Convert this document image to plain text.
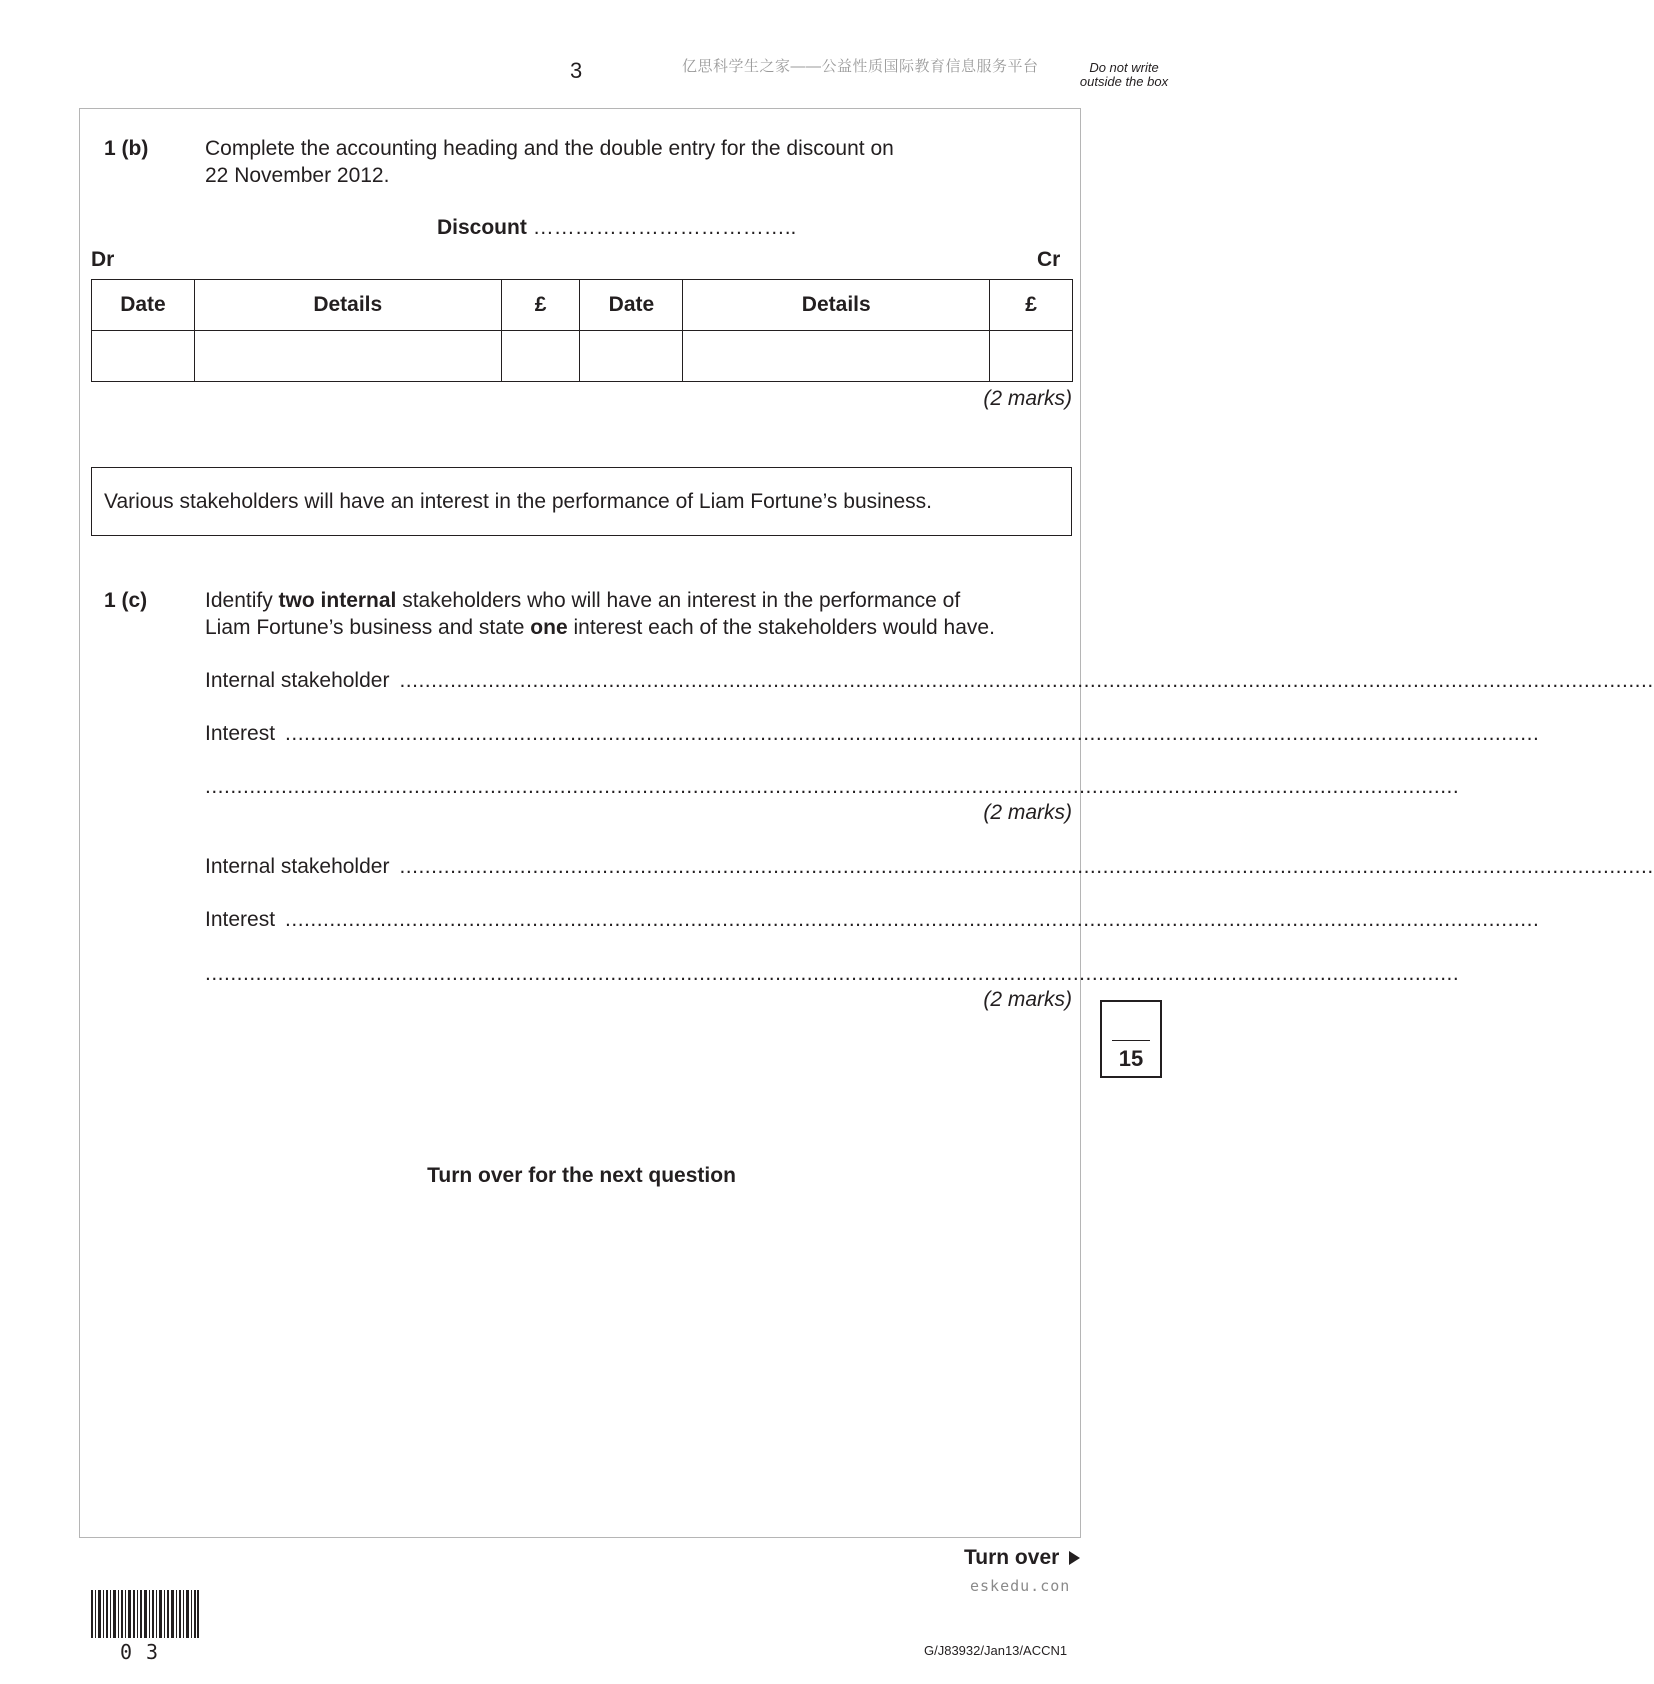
3	亿思科学生之家——公益性质国际教育信息服务平台	Do not write outside the box
1 (b)	Complete the accounting heading and the double entry for the discount on
22 November 2012.
Discount ………………………………..
Dr	Cr
Date	Details	£	Date	Details	£

(2 marks)
Various stakeholders will have an interest in the performance of Liam Fortune’s business.
1 (c)	Identify two internal stakeholders who will have an interest in the performance of
Liam Fortune’s business and state one interest each of the stakeholders would have.
Internal stakeholder ......................................................................................................................................................................................................
Interest ......................................................................................................................................................................................................
......................................................................................................................................................................................................
(2 marks)
Internal stakeholder ......................................................................................................................................................................................................
Interest ......................................................................................................................................................................................................
......................................................................................................................................................................................................
(2 marks)
15
Turn over for the next question
Turn over
eskedu.con
03	G/J83932/Jan13/ACCN1
